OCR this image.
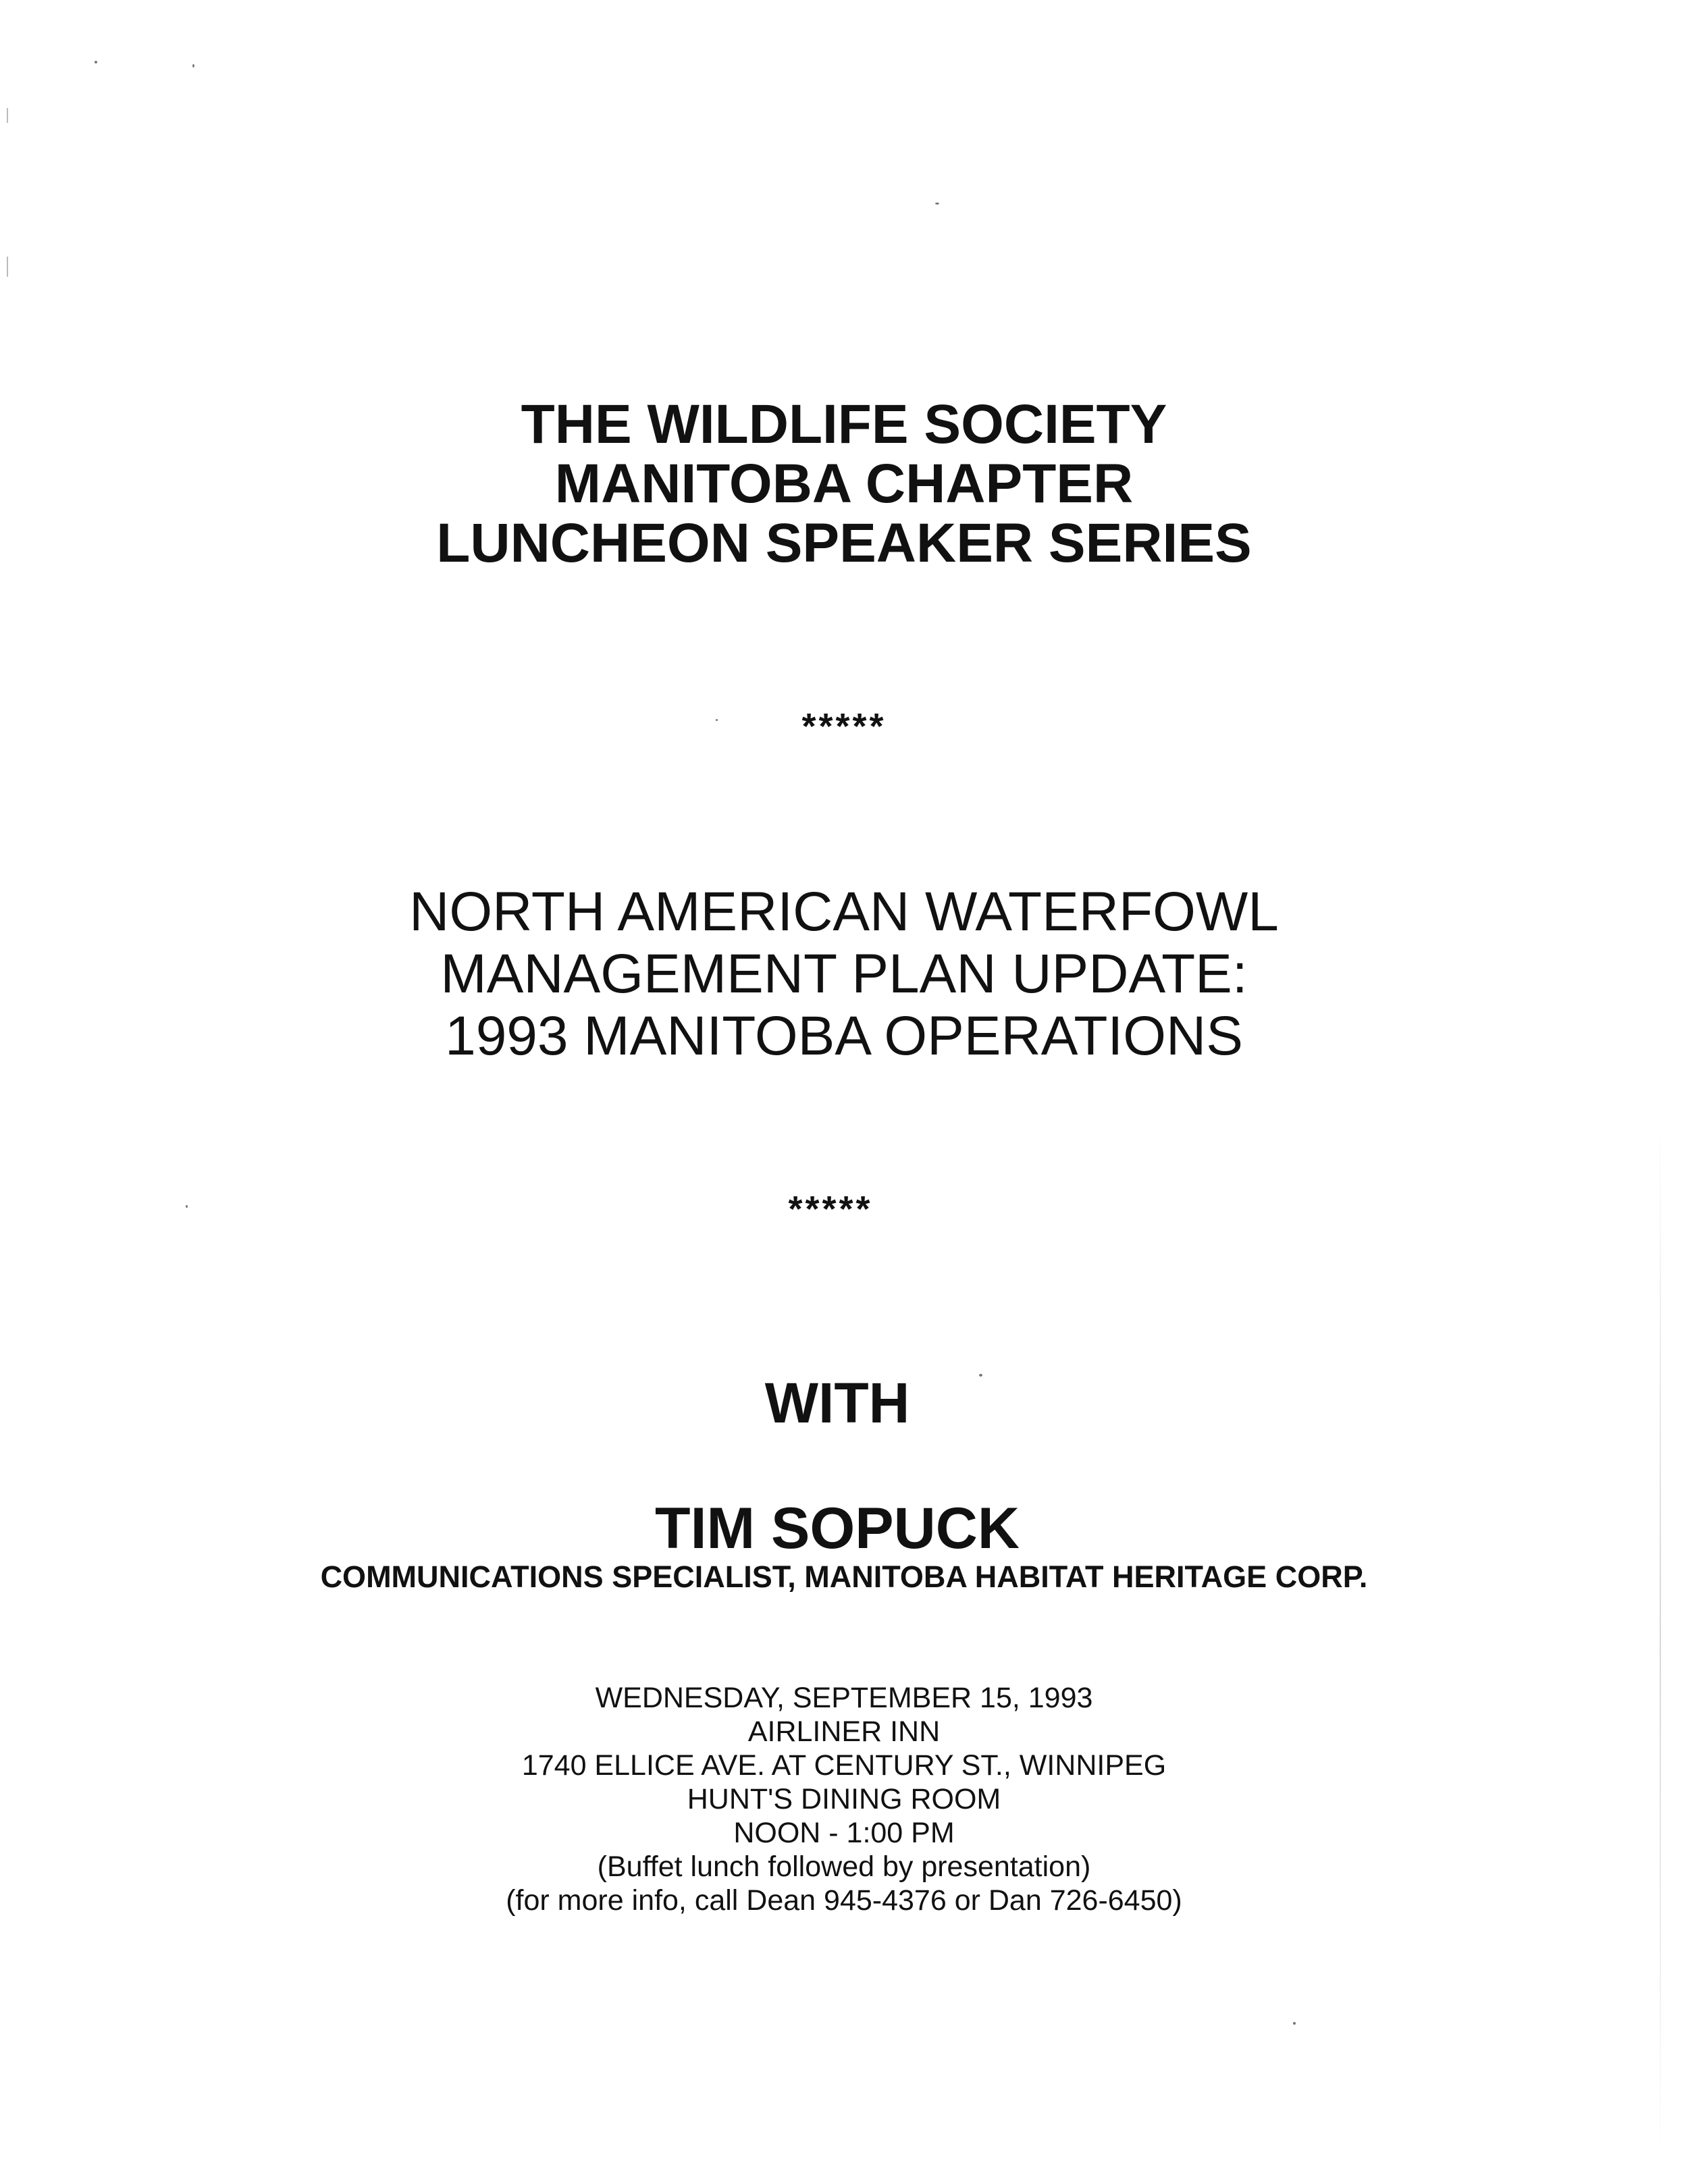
THE WILDLIFE SOCIETY
MANITOBA CHAPTER
LUNCHEON SPEAKER SERIES
*****
NORTH AMERICAN WATERFOWL
MANAGEMENT PLAN UPDATE:
1993 MANITOBA OPERATIONS
*****
WITH
TIM SOPUCK
COMMUNICATIONS SPECIALIST, MANITOBA HABITAT HERITAGE CORP.
WEDNESDAY, SEPTEMBER 15, 1993
AIRLINER INN
1740 ELLICE AVE. AT CENTURY ST., WINNIPEG
HUNT'S DINING ROOM
NOON - 1:00 PM
(Buffet lunch followed by presentation)
(for more info, call Dean 945-4376 or Dan 726-6450)
